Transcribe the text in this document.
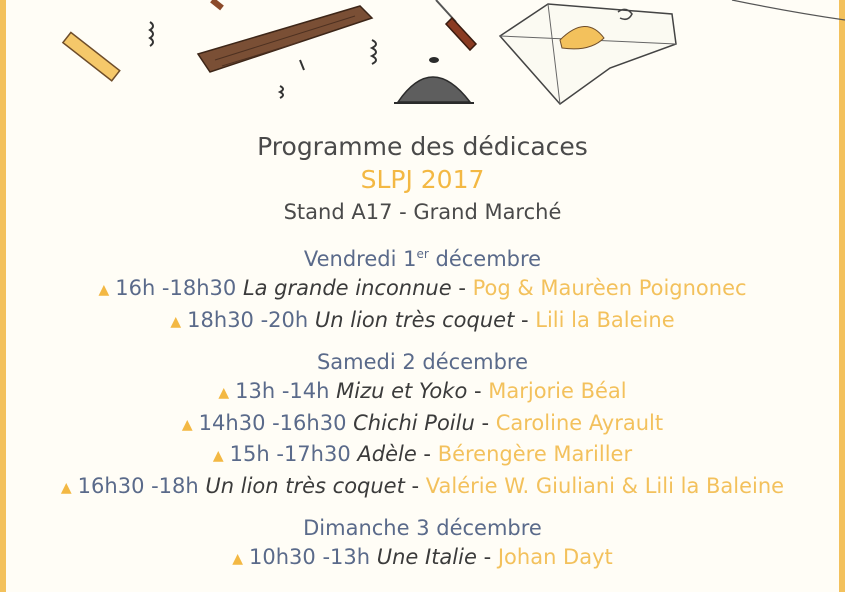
Programme des dédicaces
SLPJ 2017
Stand A17 - Grand Marché
Vendredi 1er décembre
▲ 16h -18h30 La grande inconnue - Pog & Maurèen Poignonec
▲ 18h30 -20h Un lion très coquet - Lili la Baleine
Samedi 2 décembre
▲ 13h -14h Mizu et Yoko - Marjorie Béal
▲ 14h30 -16h30 Chichi Poilu - Caroline Ayrault
▲ 15h -17h30 Adèle - Bérengère Mariller
▲ 16h30 -18h Un lion très coquet - Valérie W. Giuliani & Lili la Baleine
Dimanche 3 décembre
▲ 10h30 -13h Une Italie - Johan Dayt
